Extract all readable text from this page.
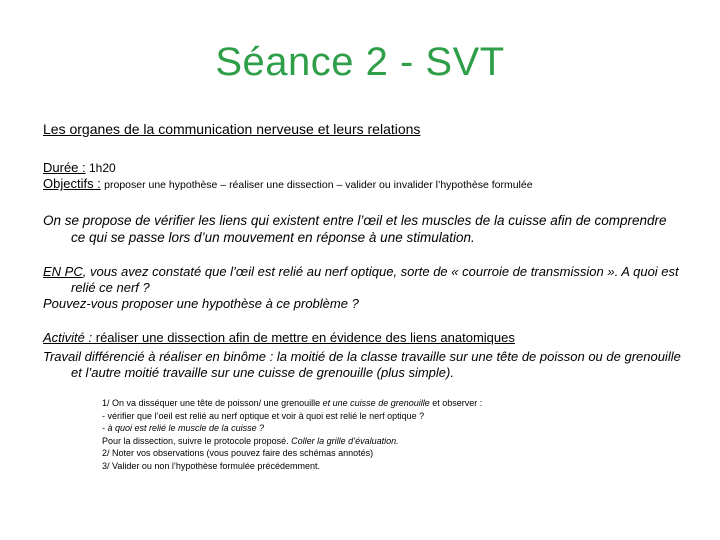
Séance 2 - SVT
Les organes de la communication nerveuse et leurs relations
Durée : 1h20
Objectifs : proposer une hypothèse – réaliser une dissection – valider ou invalider l’hypothèse formulée
On se propose de vérifier les liens qui existent entre l’œil et les muscles de la cuisse afin de comprendre ce qui se passe lors d’un mouvement en réponse à une stimulation.
EN PC, vous avez constaté que l’œil est relié au nerf optique, sorte de « courroie de transmission ». A quoi est relié ce nerf ?
Pouvez-vous proposer une hypothèse à ce problème ?
Activité : réaliser une dissection afin de mettre en évidence des liens anatomiques
Travail différencié à réaliser en binôme : la moitié de la classe travaille sur une tête de poisson ou de grenouille et l’autre moitié travaille sur une cuisse de grenouille (plus simple).
1/ On va disséquer une tête de poisson/ une grenouille et une cuisse de grenouille et observer :
- vérifier que l’oeil est relié au nerf optique et voir à quoi est relié le nerf optique ?
- à quoi est relié le muscle de la cuisse ?
Pour la dissection, suivre le protocole proposé. Coller la grille d’évaluation.
2/ Noter vos observations (vous pouvez faire des schémas annotés)
3/ Valider ou non l’hypothèse formulée précédemment.
